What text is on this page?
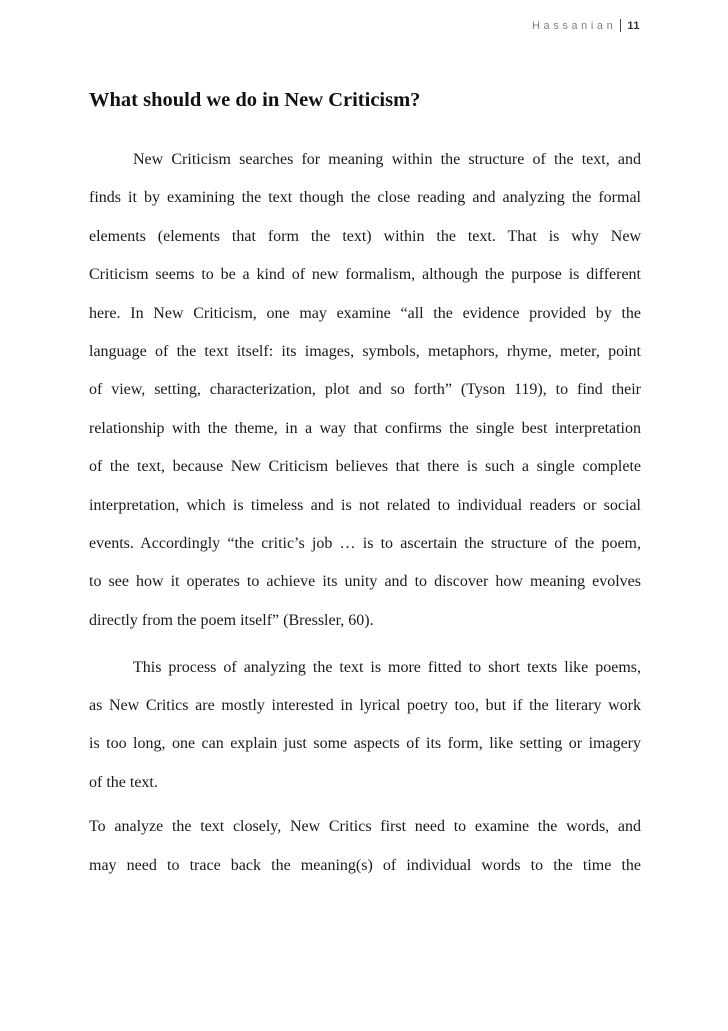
Hassanian 11
What should we do in New Criticism?
New Criticism searches for meaning within the structure of the text, and
finds it by examining the text though the close reading and analyzing the formal
elements (elements that form the text) within the text. That is why New
Criticism seems to be a kind of new formalism, although the purpose is different
here. In New Criticism, one may examine “all the evidence provided by the
language of the text itself: its images, symbols, metaphors, rhyme, meter, point
of view, setting, characterization, plot and so forth” (Tyson 119), to find their
relationship with the theme, in a way that confirms the single best interpretation
of the text, because New Criticism believes that there is such a single complete
interpretation, which is timeless and is not related to individual readers or social
events. Accordingly “the critic’s job … is to ascertain the structure of the poem,
to see how it operates to achieve its unity and to discover how meaning evolves
directly from the poem itself” (Bressler, 60).
This process of analyzing the text is more fitted to short texts like poems,
as New Critics are mostly interested in lyrical poetry too, but if the literary work
is too long, one can explain just some aspects of its form, like setting or imagery
of the text.
To analyze the text closely, New Critics first need to examine the words, and
may need to trace back the meaning(s) of individual words to the time the
